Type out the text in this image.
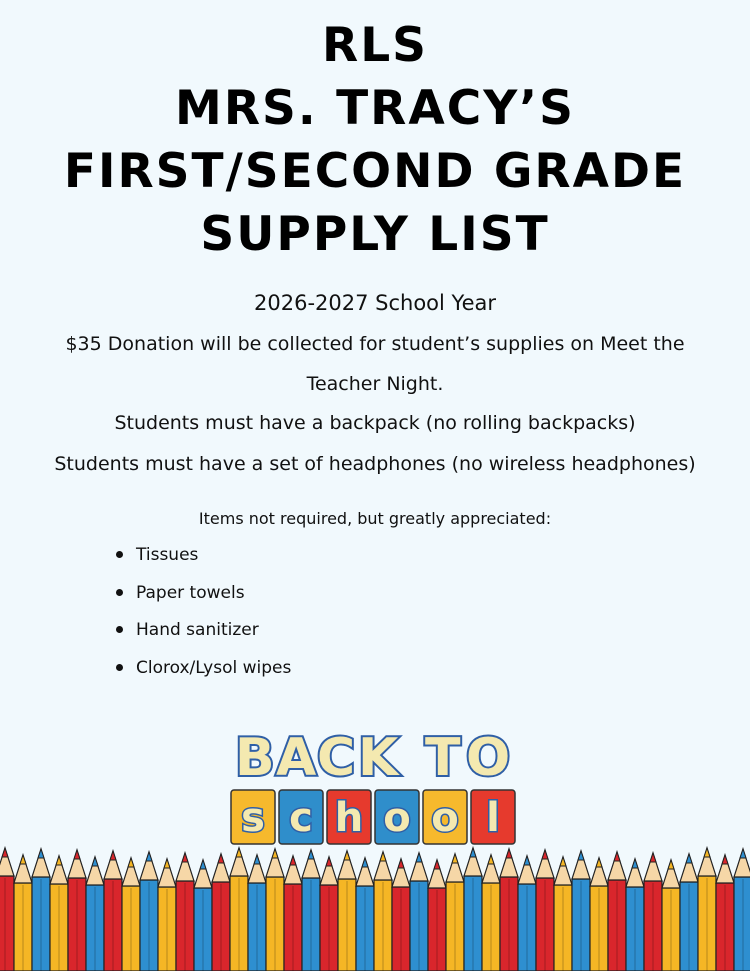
RLS
MRS. TRACY’S
FIRST/SECOND GRADE
SUPPLY LIST
2026-2027 School Year
$35 Donation will be collected for student’s supplies on Meet the
Teacher Night.
Students must have a backpack (no rolling backpacks)
Students must have a set of headphones (no wireless headphones)
Items not required, but greatly appreciated:
Tissues
Paper towels
Hand sanitizer
Clorox/Lysol wipes
B A C K T O
s c h o o l
